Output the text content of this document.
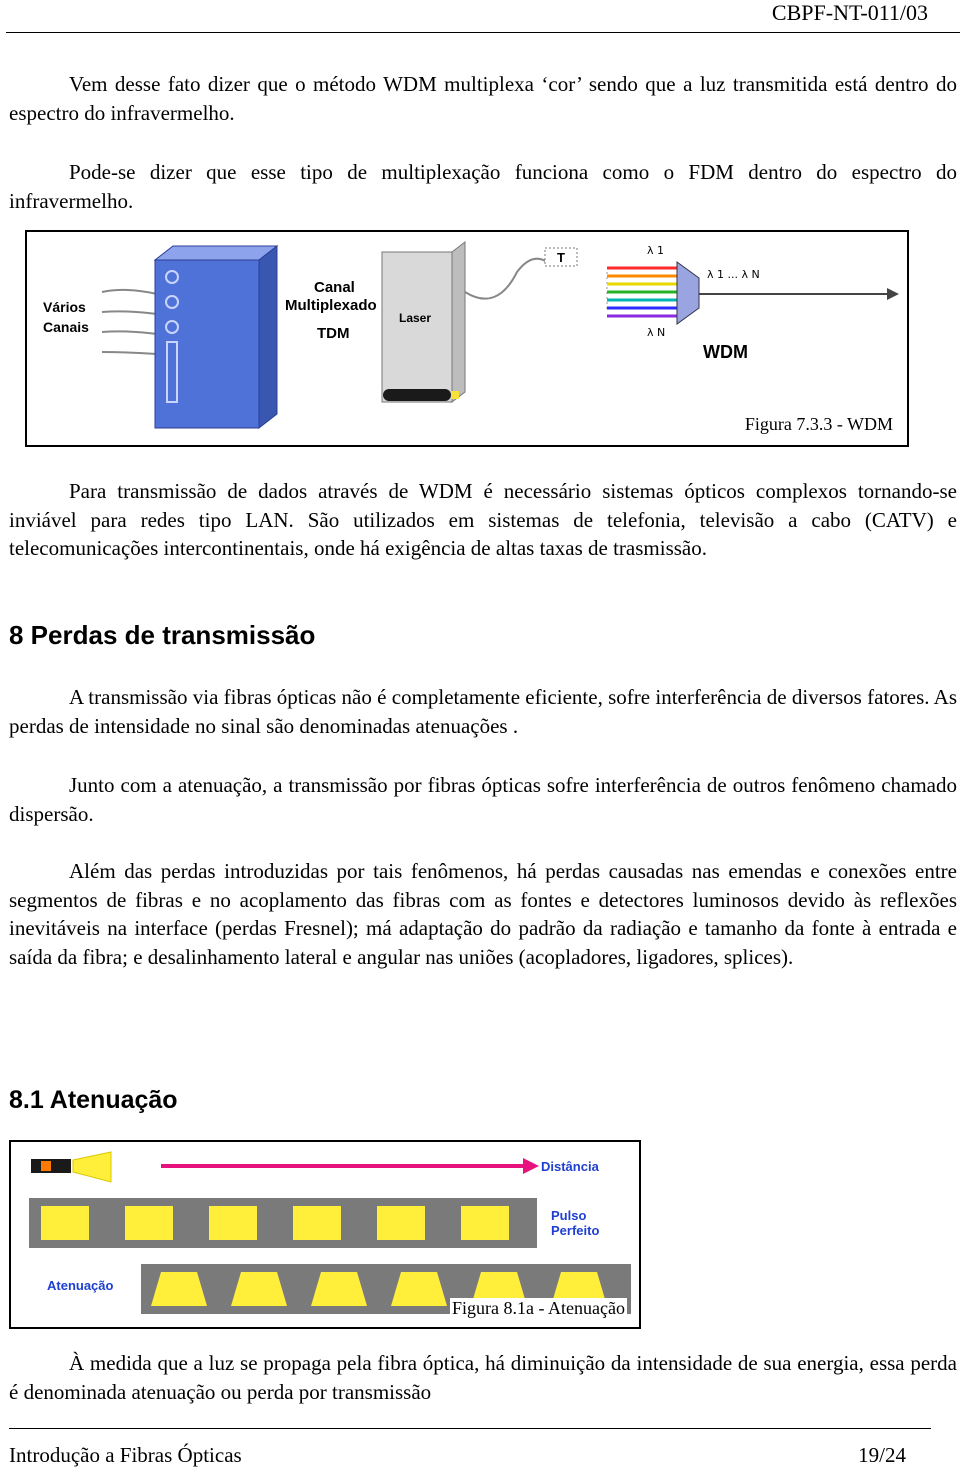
CBPF-NT-011/03

Vem desse fato dizer que o método WDM multiplexa ‘cor’ sendo que a luz transmitida está dentro do espectro do infravermelho.

Pode-se dizer que esse tipo de multiplexação funciona como o FDM dentro do espectro do infravermelho.

Vários
Canais
Canal
Multiplexado
TDM
Laser
T	λ 1
λ N
λ 1 ... λ N
WDM
Figura 7.3.3 - WDM

Para transmissão de dados através de WDM é necessário sistemas ópticos complexos tornando-se inviável para redes tipo LAN. São utilizados em sistemas de telefonia, televisão a cabo (CATV) e telecomunicações intercontinentais, onde há exigência de altas taxas de trasmissão.

8 Perdas de transmissão

A transmissão via fibras ópticas não é completamente eficiente, sofre interferência de diversos fatores. As perdas de intensidade no sinal são denominadas atenuações .

Junto com a atenuação, a transmissão por fibras ópticas sofre interferência de outros fenômeno chamado dispersão.

Além das perdas introduzidas por tais fenômenos, há perdas causadas nas emendas e conexões entre segmentos de fibras e no acoplamento das fibras com as fontes e detectores luminosos devido às reflexões inevitáveis na interface (perdas Fresnel); má adaptação do padrão da radiação e tamanho da fonte à entrada e saída da fibra; e desalinhamento lateral e angular nas uniões (acopladores, ligadores, splices).

8.1 Atenuação
Distância
Pulso
Perfeito
Atenuação
Figura 8.1a - Atenuação

À medida que a luz se propaga pela fibra óptica, há diminuição da intensidade de sua energia, essa perda é denominada atenuação ou perda por transmissão

Introdução a Fibras Ópticas	19/24
